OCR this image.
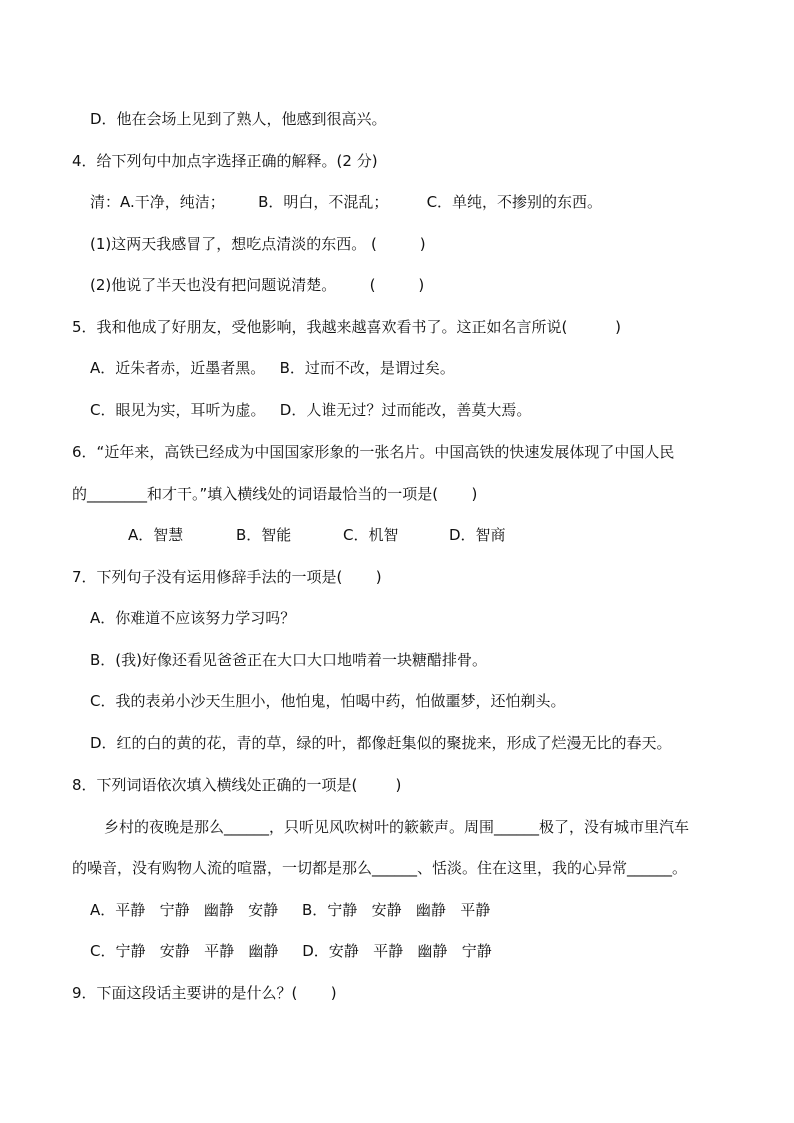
D．他在会场上见到了熟人，他感到很高兴。
4．给下列句中加点字选择正确的解释。(2 分)
清：A.干净，纯洁；       B．明白，不混乱；        C．单纯，不掺别的东西。
(1)这两天我感冒了，想吃点清淡的东西。 (         )
(2)他说了半天也没有把问题说清楚。       (         )
5．我和他成了好朋友，受他影响，我越来越喜欢看书了。这正如名言所说(          )
A．近朱者赤，近墨者黑。   B．过而不改，是谓过矣。
C．眼见为实，耳听为虚。   D．人谁无过？过而能改，善莫大焉。
6．“近年来，高铁已经成为中国国家形象的一张名片。中国高铁的快速发展体现了中国人民
的________和才干。”填入横线处的词语最恰当的一项是(       )
A．智慧	B．智能	C．机智	D．智商
7．下列句子没有运用修辞手法的一项是(       )
A．你难道不应该努力学习吗？
B．(我)好像还看见爸爸正在大口大口地啃着一块糖醋排骨。
C．我的表弟小沙天生胆小，他怕鬼，怕喝中药，怕做噩梦，还怕剃头。
D．红的白的黄的花，青的草，绿的叶，都像赶集似的聚拢来，形成了烂漫无比的春天。
8．下列词语依次填入横线处正确的一项是(        )
乡村的夜晚是那么______，只听见风吹树叶的簌簌声。周围______极了，没有城市里汽车
的噪音，没有购物人流的喧嚣，一切都是那么______、恬淡。住在这里，我的心异常______。
A．平静   宁静   幽静   安静     B．宁静   安静   幽静   平静
C．宁静   安静   平静   幽静     D．安静   平静   幽静   宁静
9．下面这段话主要讲的是什么？(       )
